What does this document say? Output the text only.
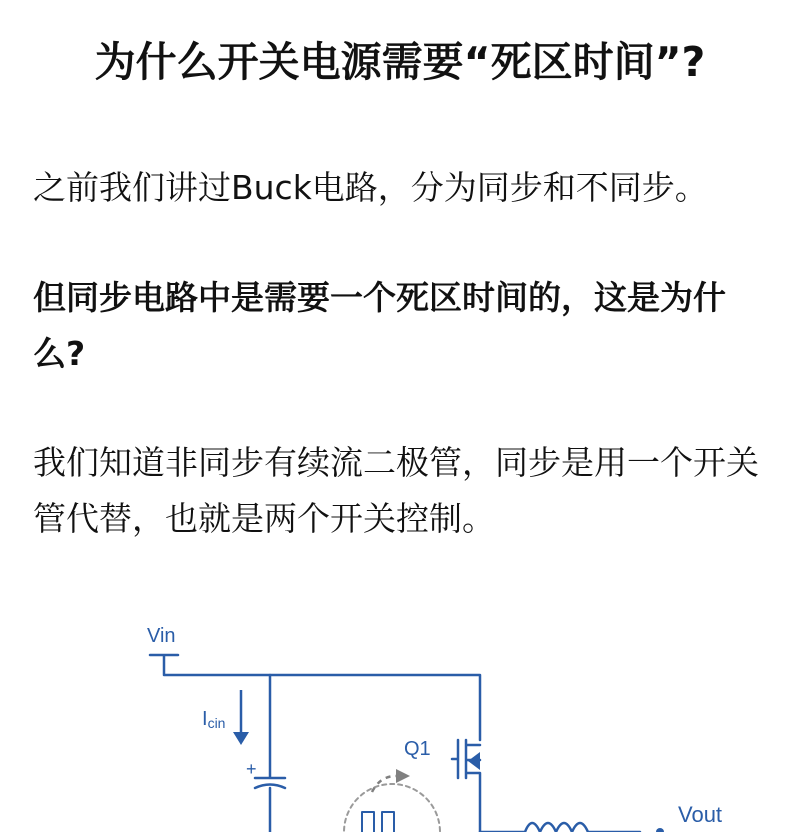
为什么开关电源需要“死区时间”?

之前我们讲过Buck电路，分为同步和不同步。

但同步电路中是需要一个死区时间的，这是为什么?

我们知道非同步有续流二极管，同步是用一个开关管代替，也就是两个开关控制。

Vin
Icin
+
Q1
Vout
